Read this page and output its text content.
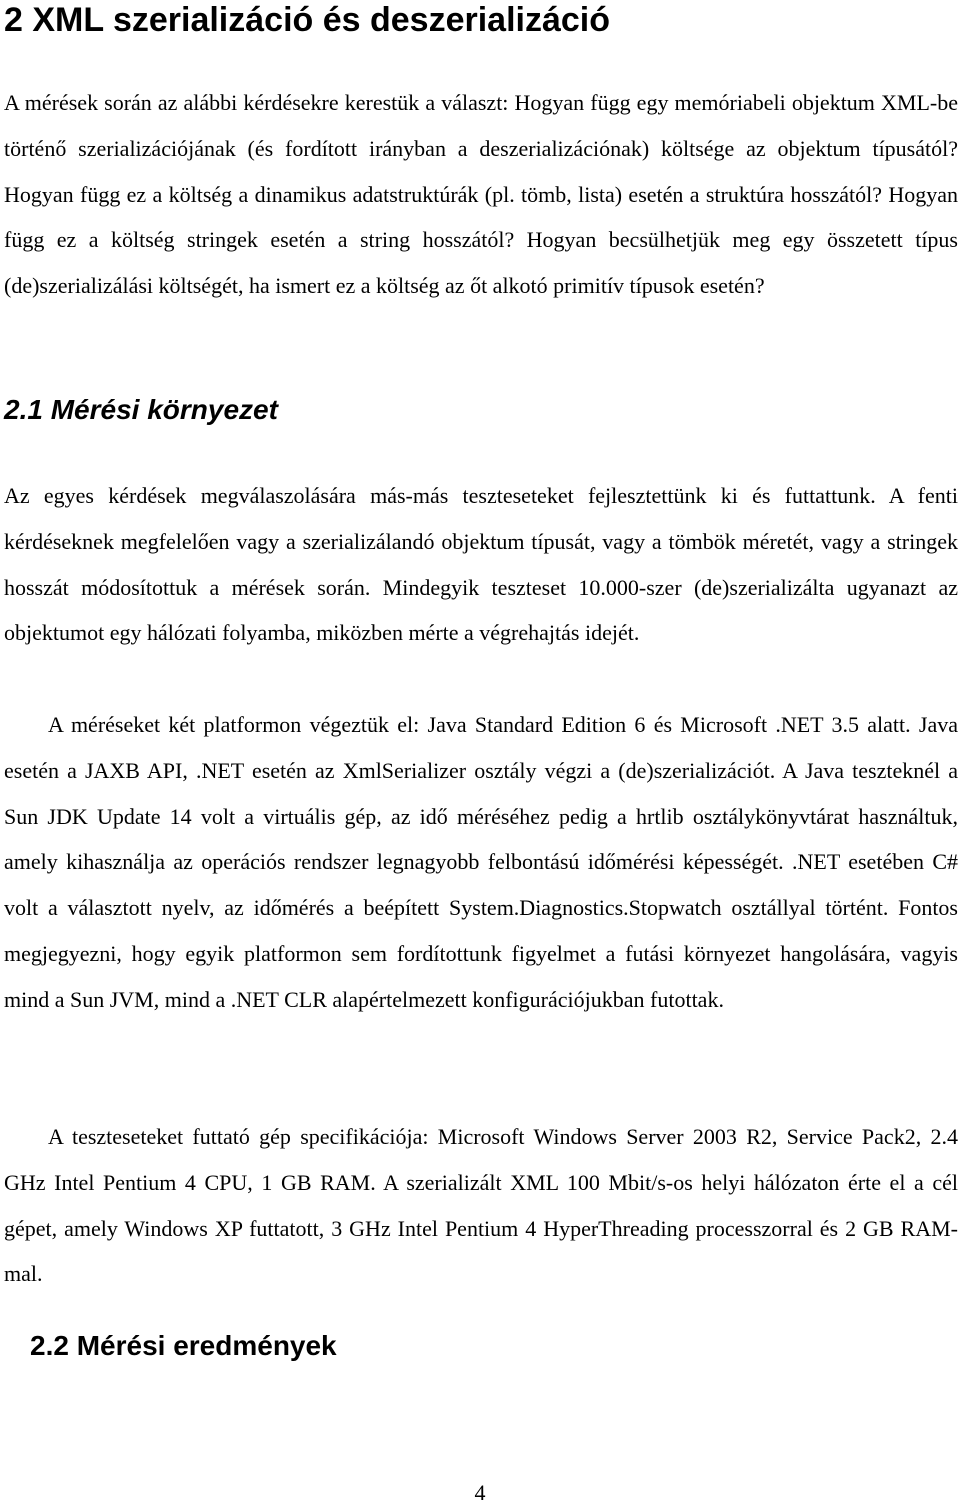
2 XML szerializáció és deszerializáció

A mérések során az alábbi kérdésekre kerestük a választ: Hogyan függ egy memóriabeli objektum XML-be történő szerializációjának (és fordított irányban a deszerializációnak) költsége az objektum típusától? Hogyan függ ez a költség a dinamikus adatstruktúrák (pl. tömb, lista) esetén a struktúra hosszától? Hogyan függ ez a költség stringek esetén a string hosszától? Hogyan becsülhetjük meg egy összetett típus (de)szerializálási költségét, ha ismert ez a költség az őt alkotó primitív típusok esetén?

2.1 Mérési környezet

Az egyes kérdések megválaszolására más-más teszteseteket fejlesztettünk ki és futtattunk. A fenti kérdéseknek megfelelően vagy a szerializálandó objektum típusát, vagy a tömbök méretét, vagy a stringek hosszát módosítottuk a mérések során. Mindegyik teszteset 10.000-szer (de)szerializálta ugyanazt az objektumot egy hálózati folyamba, miközben mérte a végrehajtás idejét.

A méréseket két platformon végeztük el: Java Standard Edition 6 és Microsoft .NET 3.5 alatt. Java esetén a JAXB API, .NET esetén az XmlSerializer osztály végzi a (de)szerializációt. A Java teszteknél a Sun JDK Update 14 volt a virtuális gép, az idő méréséhez pedig a hrtlib osztálykönyvtárat használtuk, amely kihasználja az operációs rendszer legnagyobb felbontású időmérési képességét. .NET esetében C# volt a választott nyelv, az időmérés a beépített System.Diagnostics.Stopwatch osztállyal történt. Fontos megjegyezni, hogy egyik platformon sem fordítottunk figyelmet a futási környezet hangolására, vagyis mind a Sun JVM, mind a .NET CLR alapértelmezett konfigurációjukban futottak.

A teszteseteket futtató gép specifikációja: Microsoft Windows Server 2003 R2, Service Pack2, 2.4 GHz Intel Pentium 4 CPU, 1 GB RAM. A szerializált XML 100 Mbit/s-os helyi hálózaton érte el a cél gépet, amely Windows XP futtatott, 3 GHz Intel Pentium 4 HyperThreading processzorral és 2 GB RAM-mal.

2.2 Mérési eredmények
4
